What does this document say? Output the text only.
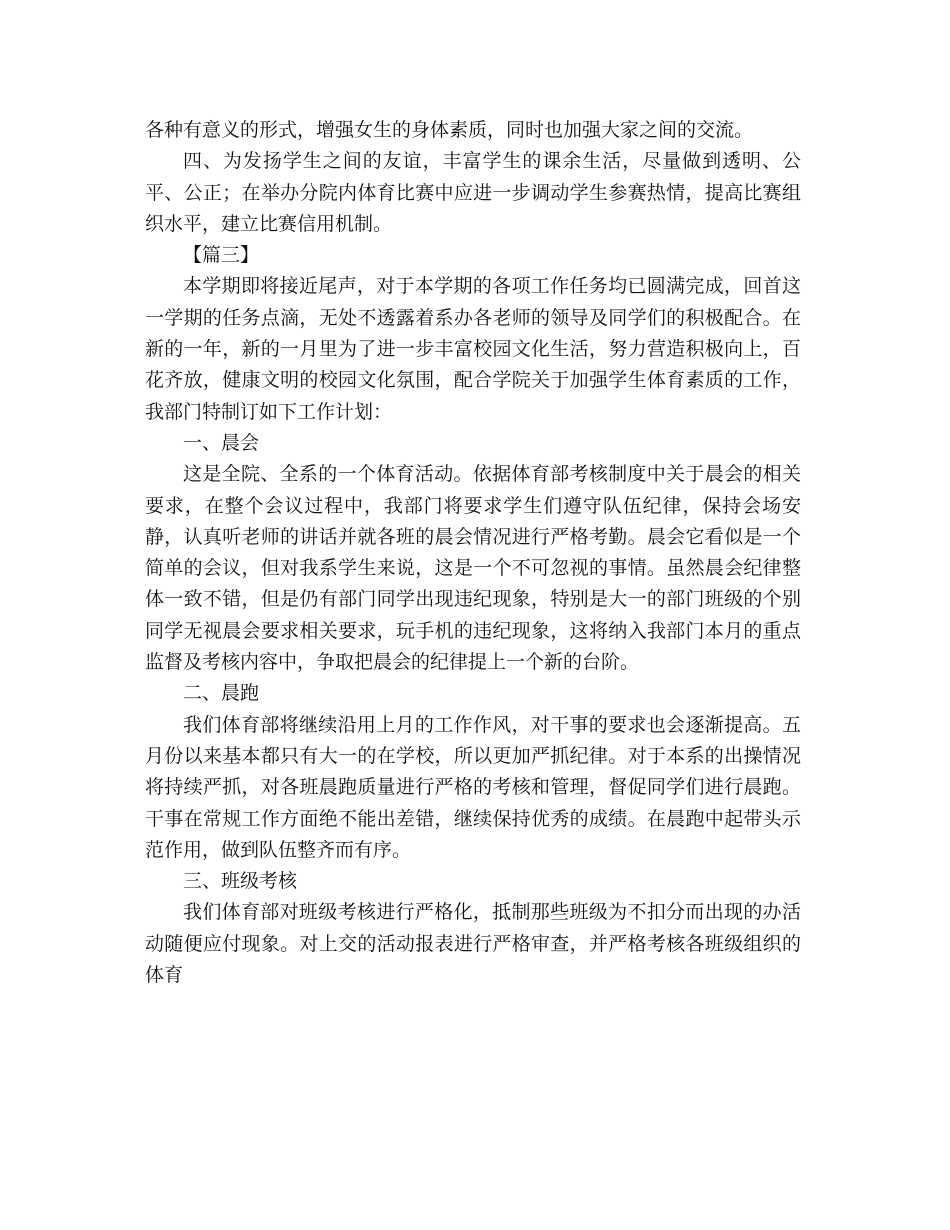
各种有意义的形式，增强女生的身体素质，同时也加强大家之间的交流。

四、为发扬学生之间的友谊，丰富学生的课余生活，尽量做到透明、公平、公正；在举办分院内体育比赛中应进一步调动学生参赛热情，提高比赛组织水平，建立比赛信用机制。

【篇三】

本学期即将接近尾声，对于本学期的各项工作任务均已圆满完成，回首这一学期的任务点滴，无处不透露着系办各老师的领导及同学们的积极配合。在新的一年，新的一月里为了进一步丰富校园文化生活，努力营造积极向上，百花齐放，健康文明的校园文化氛围，配合学院关于加强学生体育素质的工作，我部门特制订如下工作计划：

一、晨会

这是全院、全系的一个体育活动。依据体育部考核制度中关于晨会的相关要求，在整个会议过程中，我部门将要求学生们遵守队伍纪律，保持会场安静，认真听老师的讲话并就各班的晨会情况进行严格考勤。晨会它看似是一个简单的会议，但对我系学生来说，这是一个不可忽视的事情。虽然晨会纪律整体一致不错，但是仍有部门同学出现违纪现象，特别是大一的部门班级的个别同学无视晨会要求相关要求，玩手机的违纪现象，这将纳入我部门本月的重点监督及考核内容中，争取把晨会的纪律提上一个新的台阶。

二、晨跑

我们体育部将继续沿用上月的工作作风，对干事的要求也会逐渐提高。五月份以来基本都只有大一的在学校，所以更加严抓纪律。对于本系的出操情况将持续严抓，对各班晨跑质量进行严格的考核和管理，督促同学们进行晨跑。干事在常规工作方面绝不能出差错，继续保持优秀的成绩。在晨跑中起带头示范作用，做到队伍整齐而有序。

三、班级考核

我们体育部对班级考核进行严格化，抵制那些班级为不扣分而出现的办活动随便应付现象。对上交的活动报表进行严格审查，并严格考核各班级组织的体育
